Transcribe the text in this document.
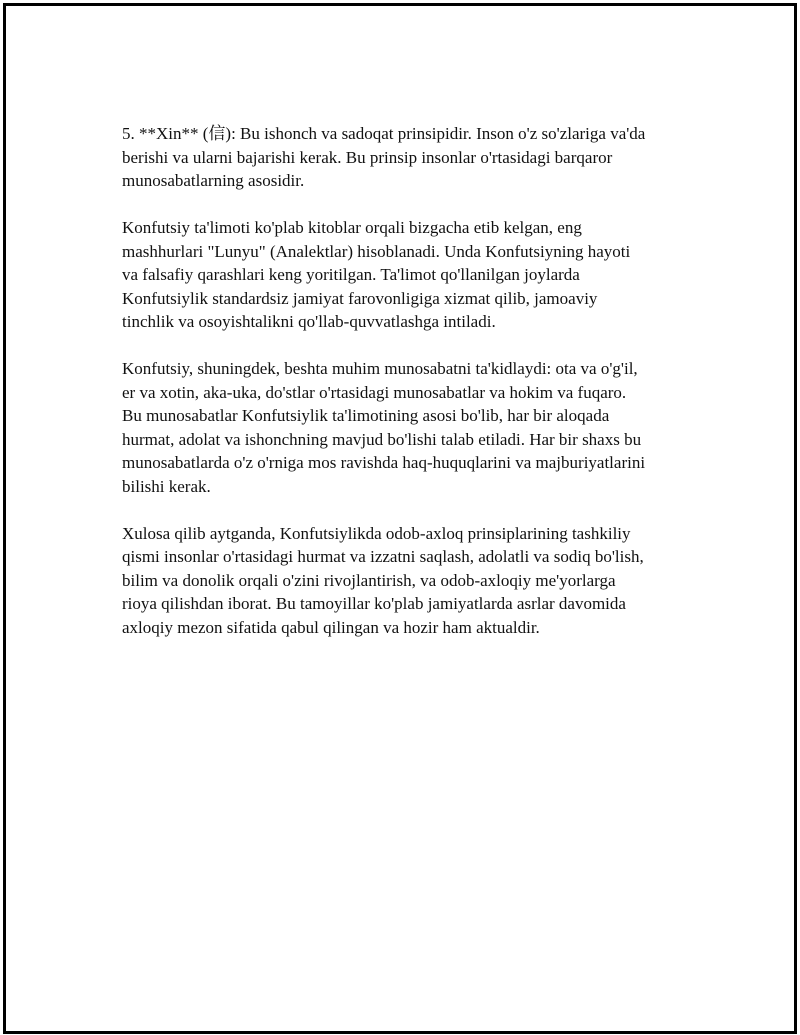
5. **Xin** (信): Bu ishonch va sadoqat prinsipidir. Inson o'z so'zlariga va'da
berishi va ularni bajarishi kerak. Bu prinsip insonlar o'rtasidagi barqaror
munosabatlarning asosidir.

Konfutsiy ta'limoti ko'plab kitoblar orqali bizgacha etib kelgan, eng
mashhurlari "Lunyu" (Analektlar) hisoblanadi. Unda Konfutsiyning hayoti
va falsafiy qarashlari keng yoritilgan. Ta'limot qo'llanilgan joylarda
Konfutsiylik standardsiz jamiyat farovonligiga xizmat qilib, jamoaviy
tinchlik va osoyishtalikni qo'llab-quvvatlashga intiladi.

Konfutsiy, shuningdek, beshta muhim munosabatni ta'kidlaydi: ota va o'g'il,
er va xotin, aka-uka, do'stlar o'rtasidagi munosabatlar va hokim va fuqaro.
Bu munosabatlar Konfutsiylik ta'limotining asosi bo'lib, har bir aloqada
hurmat, adolat va ishonchning mavjud bo'lishi talab etiladi. Har bir shaxs bu
munosabatlarda o'z o'rniga mos ravishda haq-huquqlarini va majburiyatlarini
bilishi kerak.

Xulosa qilib aytganda, Konfutsiylikda odob-axloq prinsiplarining tashkiliy
qismi insonlar o'rtasidagi hurmat va izzatni saqlash, adolatli va sodiq bo'lish,
bilim va donolik orqali o'zini rivojlantirish, va odob-axloqiy me'yorlarga
rioya qilishdan iborat. Bu tamoyillar ko'plab jamiyatlarda asrlar davomida
axloqiy mezon sifatida qabul qilingan va hozir ham aktualdir.
